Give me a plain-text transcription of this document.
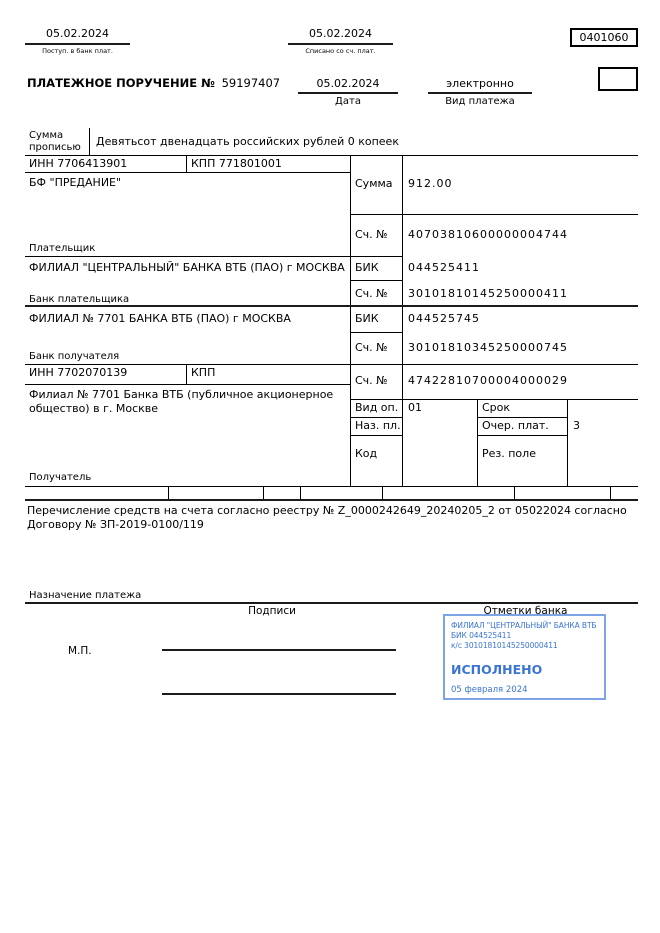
05.02.2024
Поступ. в банк плат.
05.02.2024
Списано со сч. плат.
0401060
ПЛАТЕЖНОЕ ПОРУЧЕНИЕ № 59197407	05.02.2024
Дата
электронно
Вид платежа
Сумма прописью	Девятьсот двенадцать российских рублей 0 копеек
ИНН 7706413901	КПП 771801001
БФ "ПРЕДАНИЕ"
Плательщик
Сумма 912.00
Сч. № 40703810600000004744
ФИЛИАЛ "ЦЕНТРАЛЬНЫЙ" БАНКА ВТБ (ПАО) г МОСКВА БИК	044525411
Сч. № 30101810145250000411
Банк плательщика
ФИЛИАЛ № 7701 БАНКА ВТБ (ПАО) г МОСКВА	БИК	044525745
Сч. № 30101810345250000745
Банк получателя
ИНН 7702070139	КПП
Филиал № 7701 Банка ВТБ (публичное акционерное общество) в г. Москве
Сч. № 47422810700004000029
Вид оп. 01	Срок
Наз. пл.	Очер. плат. 3
Код	Рез. поле
Получатель
Перечисление средств на счета согласно реестру № Z_0000242649_20240205_2 от 05022024 согласно Договору № ЗП-2019-0100/119
Назначение платежа
Подписи	Отметки банка
М.П.
ФИЛИАЛ "ЦЕНТРАЛЬНЫЙ" БАНКА ВТБ
БИК 044525411
к/с 30101810145250000411
ИСПОЛНЕНО
05 февраля 2024
